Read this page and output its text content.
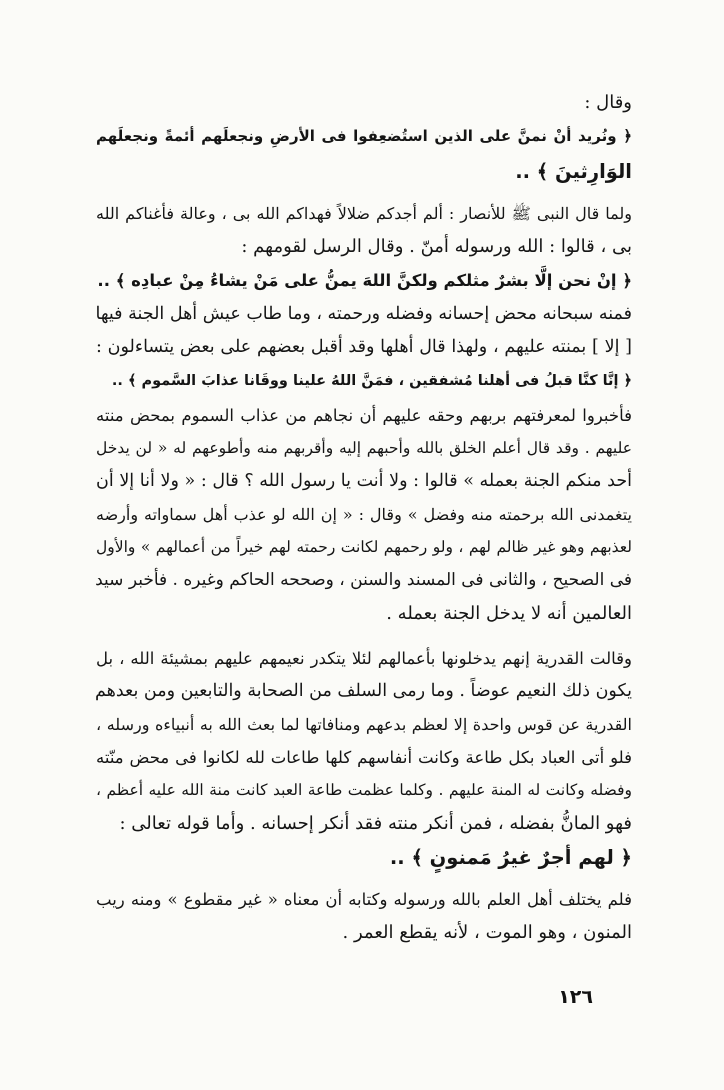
وقال :
﴿ ونُريد أنْ نمنَّ على الذين استُضعِفوا فى الأرضِ ونجعلَهم أئمةً ونجعلَهم
الوَارِثينَ ﴾ ..
ولما قال النبى ﷺ للأنصار : ألم أجدكم ضلالاً فهداكم الله بى ، وعالة فأغناكم الله
بى ، قالوا : الله ورسوله أمنّ . وقال الرسل لقومهم :
﴿ إنْ نحن إلَّا بشرٌ مثلكم ولكنَّ اللهَ يمنُّ على مَنْ يشاءُ مِنْ عبادِه ﴾ ..
فمنه سبحانه محض إحسانه وفضله ورحمته ، وما طاب عيش أهل الجنة فيها
[ إلا ] بمنته عليهم ، ولهذا قال أهلها وقد أقبل بعضهم على بعض يتساءلون :
﴿ إنَّا كنَّا قبلُ فى أهلنا مُشفقين ، فمَنَّ اللهُ علينا ووقَانا عذابَ السَّموم ﴾ ..
فأخبروا لمعرفتهم بربهم وحقه عليهم أن نجاهم من عذاب السموم بمحض منته
عليهم . وقد قال أعلم الخلق بالله وأحبهم إليه وأقربهم منه وأطوعهم له « لن يدخل
أحد منكم الجنة بعمله » قالوا : ولا أنت يا رسول الله ؟ قال : « ولا أنا إلا أن
يتغمدنى الله برحمته منه وفضل » وقال : « إن الله لو عذب أهل سماواته وأرضه
لعذبهم وهو غير ظالم لهم ، ولو رحمهم لكانت رحمته لهم خيراً من أعمالهم » والأول
فى الصحيح ، والثانى فى المسند والسنن ، وصححه الحاكم وغيره . فأخبر سيد
العالمين أنه لا يدخل الجنة بعمله .
وقالت القدرية إنهم يدخلونها بأعمالهم لئلا يتكدر نعيمهم عليهم بمشيئة الله ، بل
يكون ذلك النعيم عوضاً . وما رمى السلف من الصحابة والتابعين ومن بعدهم
القدرية عن قوس واحدة إلا لعظم بدعهم ومنافاتها لما بعث الله به أنبياءه ورسله ،
فلو أتى العباد بكل طاعة وكانت أنفاسهم كلها طاعات لله لكانوا فى محض منّته
وفضله وكانت له المنة عليهم . وكلما عظمت طاعة العبد كانت منة الله عليه أعظم ،
فهو المانُّ بفضله ، فمن أنكر منته فقد أنكر إحسانه . وأما قوله تعالى :
﴿ لهم أجرٌ غيرُ مَمنونٍ ﴾ ..
فلم يختلف أهل العلم بالله ورسوله وكتابه أن معناه « غير مقطوع » ومنه ريب
المنون ، وهو الموت ، لأنه يقطع العمر .
١٢٦
